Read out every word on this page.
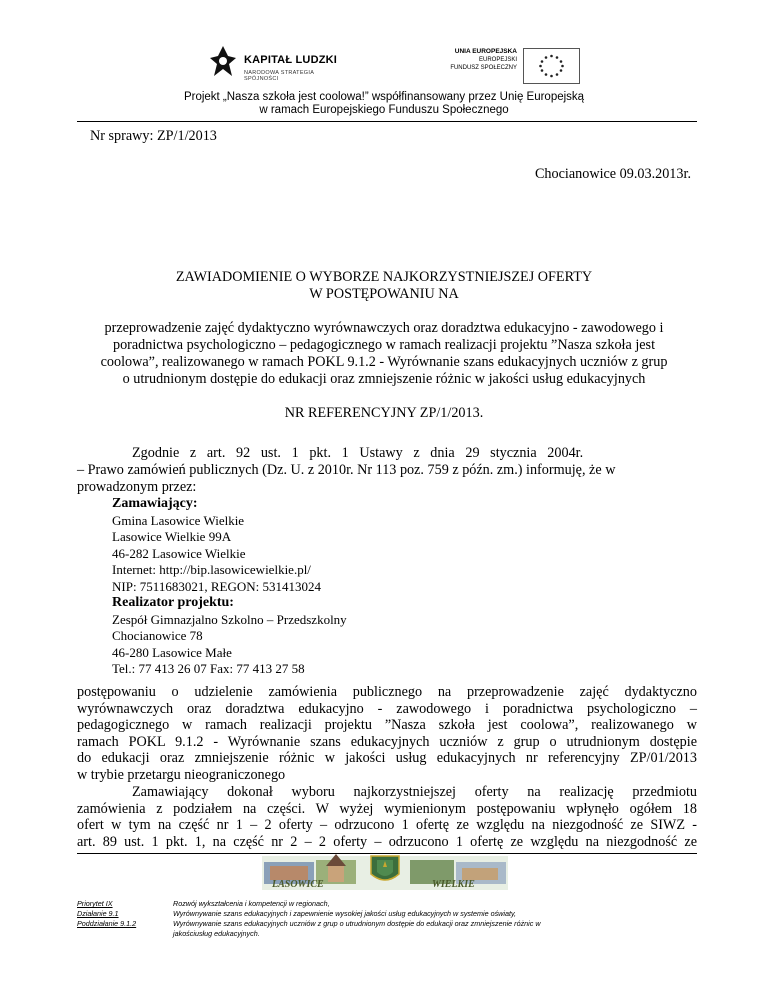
KAPITAŁ LUDZKI
NARODOWA STRATEGIA SPÓJNOŚCI
UNIA EUROPEJSKA
EUROPEJSKI
FUNDUSZ SPOŁECZNY
Projekt „Nasza szkoła jest coolowa!” współfinansowany przez Unię Europejską
w ramach Europejskiego Funduszu Społecznego
Nr sprawy: ZP/1/2013
Chocianowice 09.03.2013r.
ZAWIADOMIENIE O WYBORZE NAJKORZYSTNIEJSZEJ OFERTY
W POSTĘPOWANIU NA
przeprowadzenie zajęć dydaktyczno wyrównawczych oraz doradztwa edukacyjno - zawodowego i
poradnictwa psychologiczno – pedagogicznego w ramach realizacji projektu ”Nasza szkoła jest
coolowa”, realizowanego w ramach POKL 9.1.2 - Wyrównanie szans edukacyjnych uczniów z grup
o utrudnionym dostępie do edukacji oraz zmniejszenie różnic w jakości usług edukacyjnych
NR REFERENCYJNY ZP/1/2013.
Zgodnie   z   art.   92   ust.   1   pkt.   1   Ustawy   z   dnia   29   stycznia   2004r.
– Prawo zamówień publicznych (Dz. U. z 2010r. Nr 113 poz. 759 z późn. zm.) informuję, że w
prowadzonym przez:
Zamawiający:
Gmina Lasowice Wielkie
Lasowice Wielkie 99A
46-282 Lasowice Wielkie
Internet: http://bip.lasowicewielkie.pl/
NIP: 7511683021, REGON: 531413024
Realizator projektu:
Zespół Gimnazjalno Szkolno – Przedszkolny
Chocianowice 78
46-280 Lasowice Małe
Tel.: 77 413 26 07 Fax: 77 413 27 58
postępowaniu o udzielenie zamówienia publicznego na przeprowadzenie zajęć dydaktyczno
wyrównawczych oraz doradztwa edukacyjno - zawodowego i poradnictwa psychologiczno –
pedagogicznego w ramach realizacji projektu ”Nasza szkoła jest coolowa”, realizowanego w
ramach POKL 9.1.2 - Wyrównanie szans edukacyjnych uczniów z grup o utrudnionym dostępie
do edukacji oraz zmniejszenie różnic w jakości usług edukacyjnych nr referencyjny ZP/01/2013
w trybie przetargu nieograniczonego
Zamawiający dokonał wyboru najkorzystniejszej oferty na realizację przedmiotu
zamówienia z podziałem na części. W wyżej wymienionym postępowaniu wpłynęło ogółem 18
ofert w tym na część nr 1 – 2 oferty – odrzucono 1 ofertę ze względu na niezgodność ze SIWZ -
art. 89 ust. 1 pkt. 1, na część nr 2 – 2 oferty – odrzucono 1 ofertę ze względu na niezgodność ze
LASOWICE	WIELKIE
Priorytet IX
Działanie 9.1
Poddziałanie 9.1.2
Rozwój wykształcenia i kompetencji w regionach,
Wyrównywanie szans edukacyjnych i zapewnienie wysokiej jakości usług edukacyjnych w systemie oświaty,
Wyrównywanie szans edukacyjnych uczniów z grup o utrudnionym dostępie do edukacji oraz zmniejszenie różnic w
jakościusług edukacyjnych.
